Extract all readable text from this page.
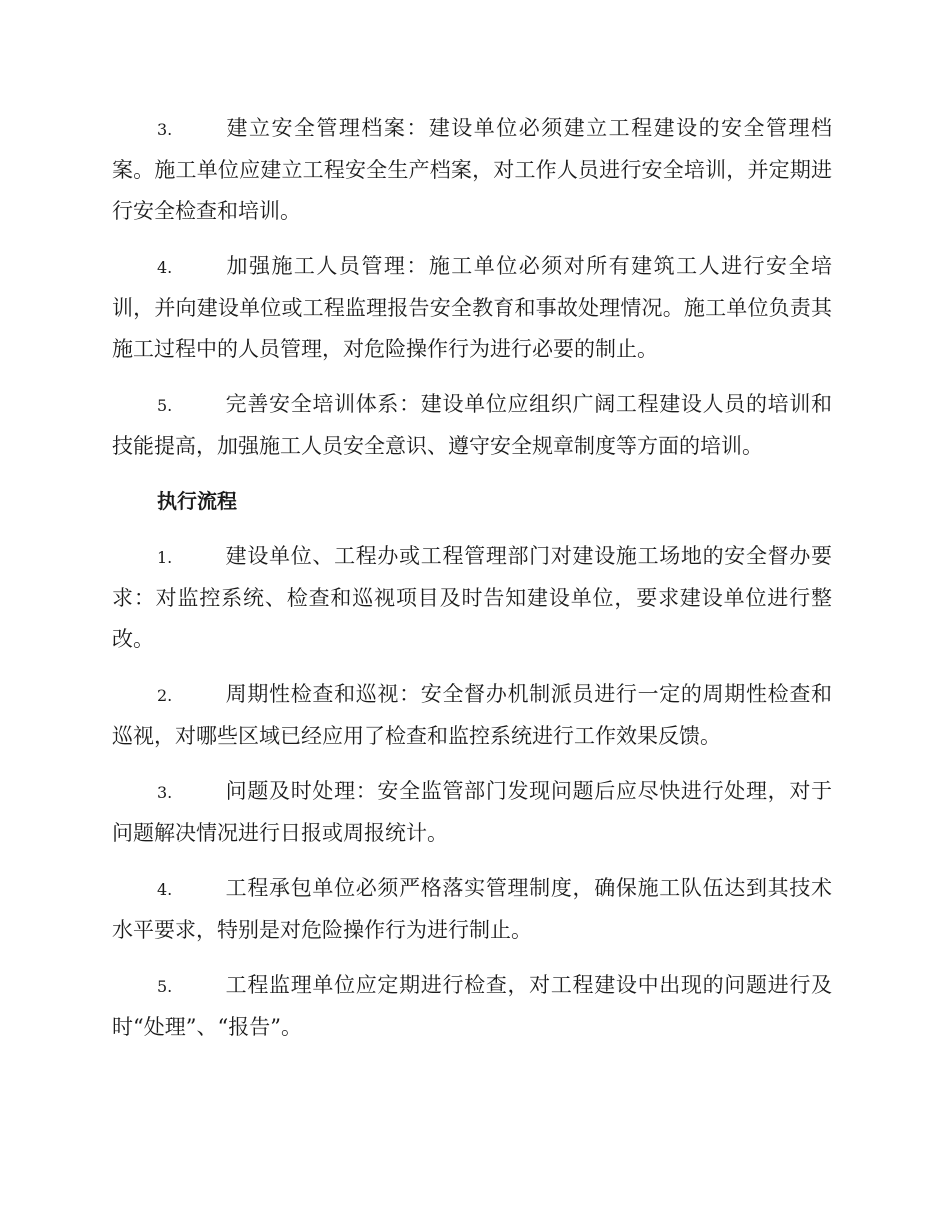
3.	建立安全管理档案：建设单位必须建立工程建设的安全管理档案。施工单位应建立工程安全生产档案，对工作人员进行安全培训，并定期进行安全检查和培训。

4.	加强施工人员管理：施工单位必须对所有建筑工人进行安全培训，并向建设单位或工程监理报告安全教育和事故处理情况。施工单位负责其施工过程中的人员管理，对危险操作行为进行必要的制止。

5.	完善安全培训体系：建设单位应组织广阔工程建设人员的培训和技能提高，加强施工人员安全意识、遵守安全规章制度等方面的培训。

执行流程

1.	建设单位、工程办或工程管理部门对建设施工场地的安全督办要求：对监控系统、检查和巡视项目及时告知建设单位，要求建设单位进行整改。

2.	周期性检查和巡视：安全督办机制派员进行一定的周期性检查和巡视，对哪些区域已经应用了检查和监控系统进行工作效果反馈。

3.	问题及时处理：安全监管部门发现问题后应尽快进行处理，对于问题解决情况进行日报或周报统计。

4.	工程承包单位必须严格落实管理制度，确保施工队伍达到其技术水平要求，特别是对危险操作行为进行制止。

5.	工程监理单位应定期进行检查，对工程建设中出现的问题进行及时“处理”、“报告”。
